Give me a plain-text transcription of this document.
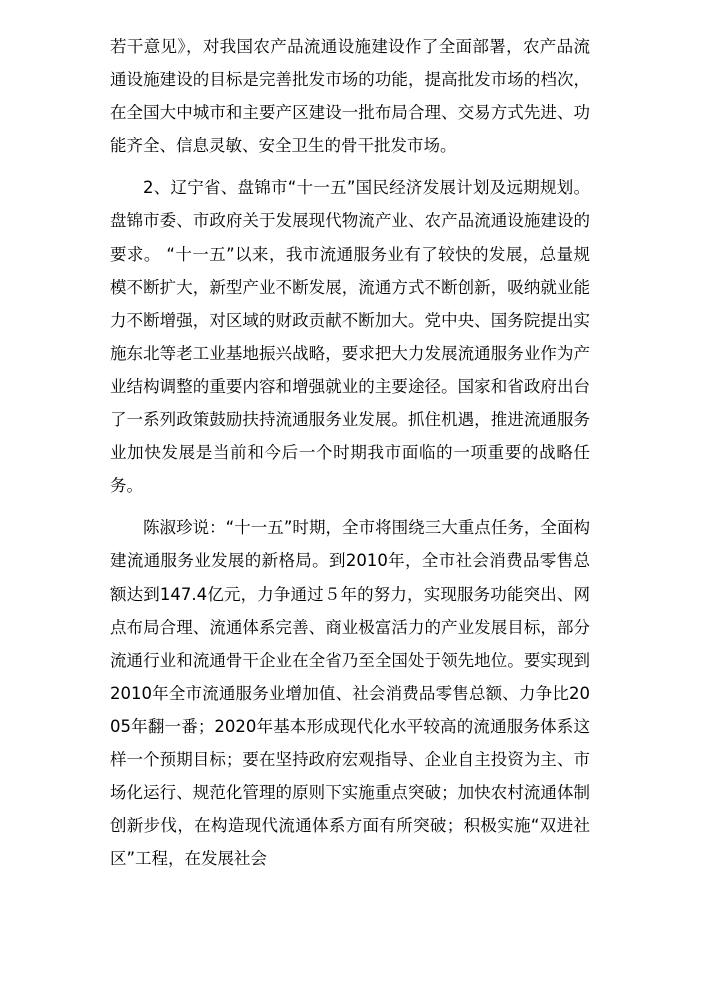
若干意见》，对我国农产品流通设施建设作了全面部署，农产品流通设施建设的目标是完善批发市场的功能，提高批发市场的档次，在全国大中城市和主要产区建设一批布局合理、交易方式先进、功能齐全、信息灵敏、安全卫生的骨干批发市场。

2、辽宁省、盘锦市“十一五”国民经济发展计划及远期规划。盘锦市委、市政府关于发展现代物流产业、农产品流通设施建设的要求。 “十一五”以来，我市流通服务业有了较快的发展，总量规模不断扩大，新型产业不断发展，流通方式不断创新，吸纳就业能力不断增强，对区域的财政贡献不断加大。党中央、国务院提出实施东北等老工业基地振兴战略，要求把大力发展流通服务业作为产业结构调整的重要内容和增强就业的主要途径。国家和省政府出台了一系列政策鼓励扶持流通服务业发展。抓住机遇，推进流通服务业加快发展是当前和今后一个时期我市面临的一项重要的战略任务。

陈淑珍说：“十一五”时期，全市将围绕三大重点任务，全面构建流通服务业发展的新格局。到2010年，全市社会消费品零售总额达到147.4亿元，力争通过５年的努力，实现服务功能突出、网点布局合理、流通体系完善、商业极富活力的产业发展目标，部分流通行业和流通骨干企业在全省乃至全国处于领先地位。要实现到2010年全市流通服务业增加值、社会消费品零售总额、力争比2005年翻一番；2020年基本形成现代化水平较高的流通服务体系这样一个预期目标；要在坚持政府宏观指导、企业自主投资为主、市场化运行、规范化管理的原则下实施重点突破；加快农村流通体制创新步伐，在构造现代流通体系方面有所突破；积极实施“双进社区”工程，在发展社会
